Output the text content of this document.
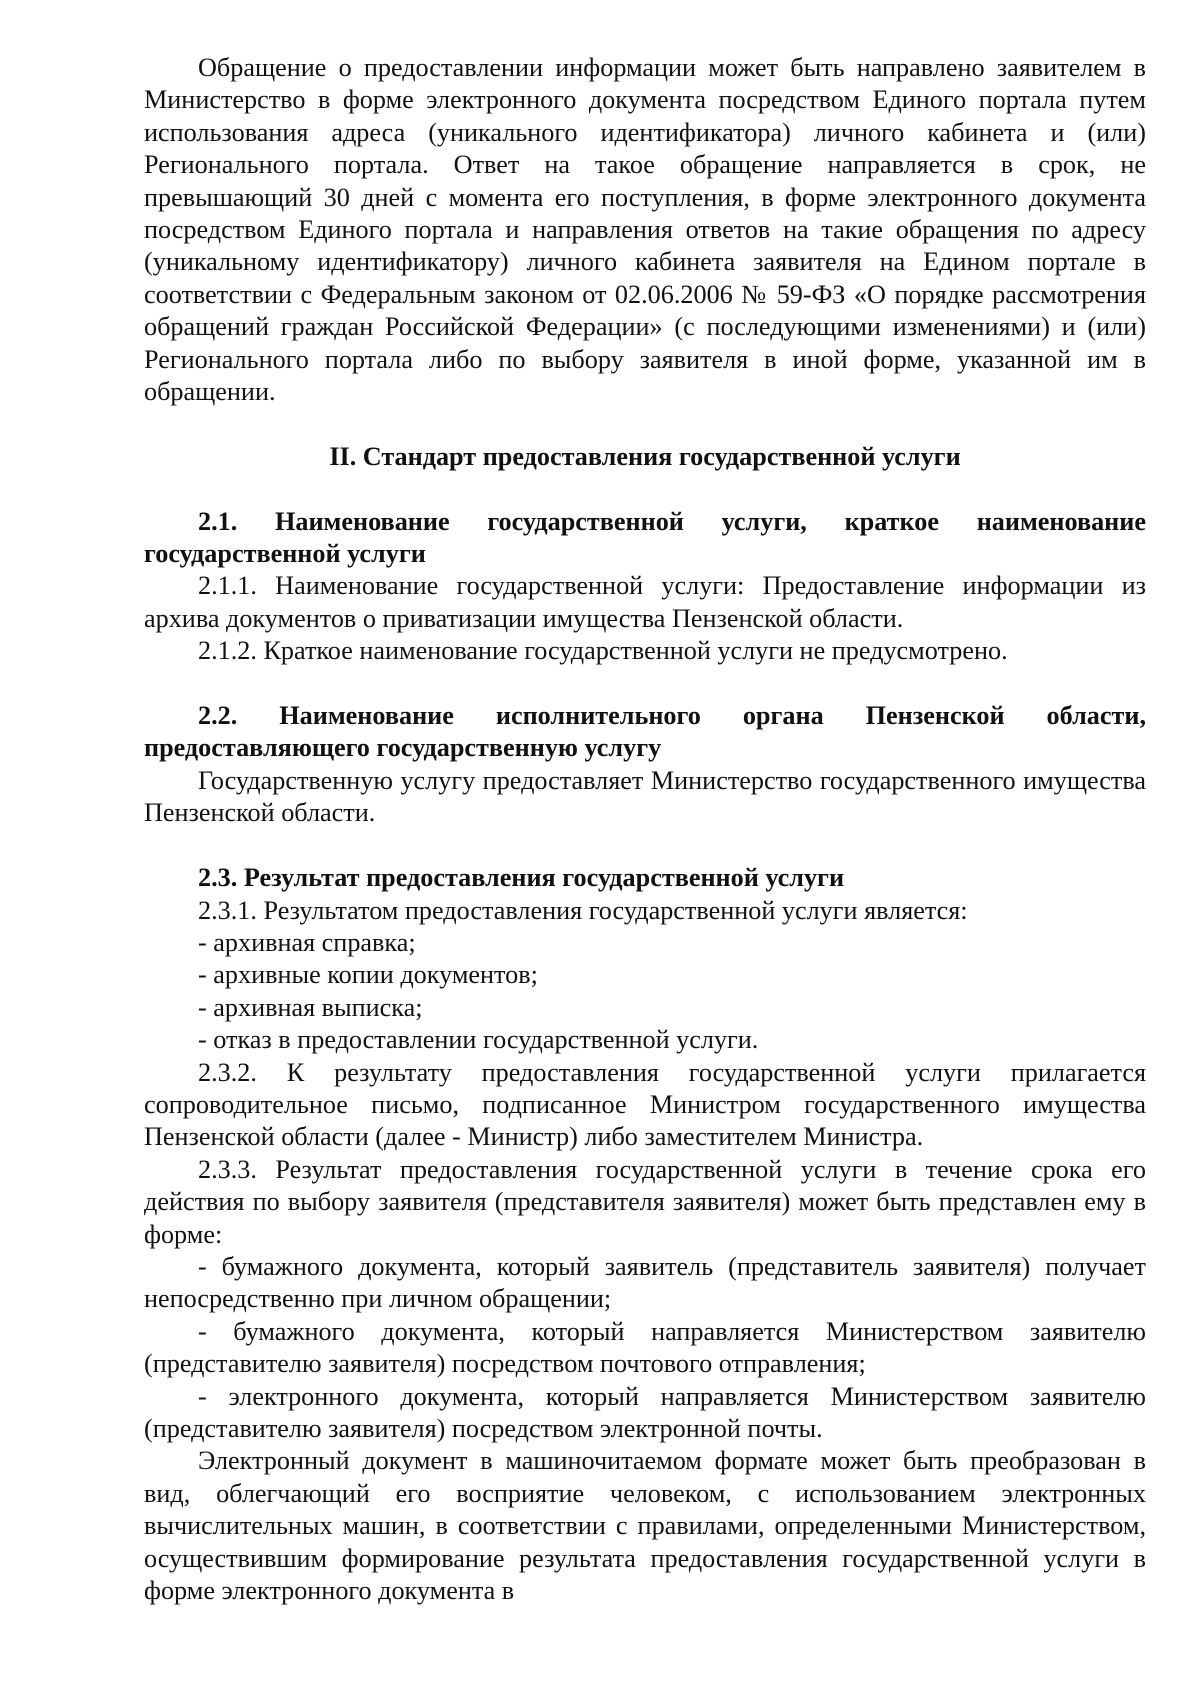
Обращение о предоставлении информации может быть направлено заявителем в Министерство в форме электронного документа посредством Единого портала путем использования адреса (уникального идентификатора) личного кабинета и (или) Регионального портала. Ответ на такое обращение направляется в срок, не превышающий 30 дней с момента его поступления, в форме электронного документа посредством Единого портала и направления ответов на такие обращения по адресу (уникальному идентификатору) личного кабинета заявителя на Едином портале в соответствии с Федеральным законом от 02.06.2006 № 59-ФЗ «О порядке рассмотрения обращений граждан Российской Федерации» (с последующими изменениями) и (или) Регионального портала либо по выбору заявителя в иной форме, указанной им в обращении.

II. Стандарт предоставления государственной услуги

2.1. Наименование государственной услуги, краткое наименование государственной услуги

2.1.1. Наименование государственной услуги: Предоставление информации из архива документов о приватизации имущества Пензенской области.

2.1.2. Краткое наименование государственной услуги не предусмотрено.

2.2. Наименование исполнительного органа Пензенской области, предоставляющего государственную услугу

Государственную услугу предоставляет Министерство государственного имущества Пензенской области.

2.3. Результат предоставления государственной услуги

2.3.1. Результатом предоставления государственной услуги является:

- архивная справка;

- архивные копии документов;

- архивная выписка;

- отказ в предоставлении государственной услуги.

2.3.2. К результату предоставления государственной услуги прилагается сопроводительное письмо, подписанное Министром государственного имущества Пензенской области (далее - Министр) либо заместителем Министра.

2.3.3. Результат предоставления государственной услуги в течение срока его действия по выбору заявителя (представителя заявителя) может быть представлен ему в форме:

- бумажного документа, который заявитель (представитель заявителя) получает непосредственно при личном обращении;

- бумажного документа, который направляется Министерством заявителю (представителю заявителя) посредством почтового отправления;

- электронного документа, который направляется Министерством заявителю (представителю заявителя) посредством электронной почты.

Электронный документ в машиночитаемом формате может быть преобразован в вид, облегчающий его восприятие человеком, с использованием электронных вычислительных машин, в соответствии с правилами, определенными Министерством, осуществившим формирование результата предоставления государственной услуги в форме электронного документа в
